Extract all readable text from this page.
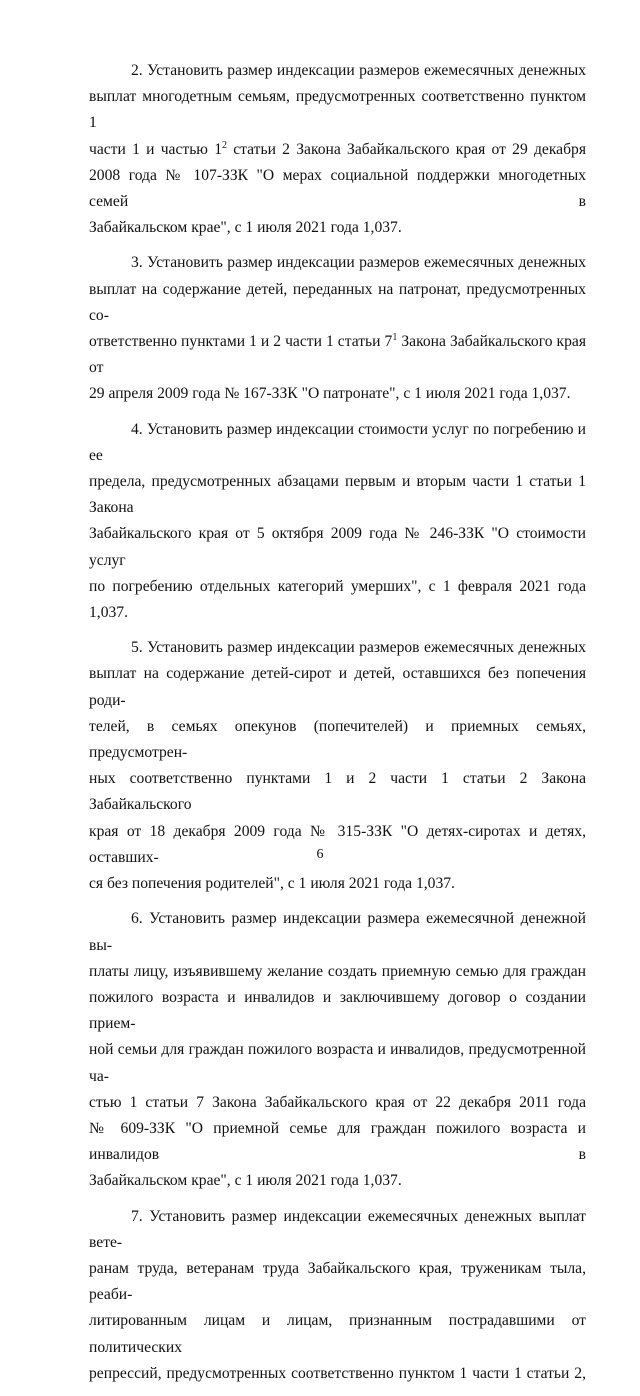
2. Установить размер индексации размеров ежемесячных денежных
выплат многодетным семьям, предусмотренных соответственно пунктом 1
части 1 и частью $1^2$ статьи 2 Закона Забайкальского края от 29 декабря
2008 года № 107-ЗЗК "О мерах социальной поддержки многодетных семей в
Забайкальском крае", с 1 июля 2021 года 1,037.

3. Установить размер индексации размеров ежемесячных денежных
выплат на содержание детей, переданных на патронат, предусмотренных со-
ответственно пунктами 1 и 2 части 1 статьи $7^1$ Закона Забайкальского края от
29 апреля 2009 года № 167-ЗЗК "О патронате", с 1 июля 2021 года 1,037.

4. Установить размер индексации стоимости услуг по погребению и ее
предела, предусмотренных абзацами первым и вторым части 1 статьи 1 Закона
Забайкальского края от 5 октября 2009 года № 246-ЗЗК "О стоимости услуг
по погребению отдельных категорий умерших", с 1 февраля 2021 года 1,037.

5. Установить размер индексации размеров ежемесячных денежных
выплат на содержание детей-сирот и детей, оставшихся без попечения роди-
телей, в семьях опекунов (попечителей) и приемных семьях, предусмотрен-
ных соответственно пунктами 1 и 2 части 1 статьи 2 Закона Забайкальского
края от 18 декабря 2009 года № 315-ЗЗК "О детях-сиротах и детях, оставших-
ся без попечения родителей", с 1 июля 2021 года 1,037.

6. Установить размер индексации размера ежемесячной денежной вы-
платы лицу, изъявившему желание создать приемную семью для граждан
пожилого возраста и инвалидов и заключившему договор о создании прием-
ной семьи для граждан пожилого возраста и инвалидов, предусмотренной ча-
стью 1 статьи 7 Закона Забайкальского края от 22 декабря 2011 года
№ 609-ЗЗК "О приемной семье для граждан пожилого возраста и инвалидов в
Забайкальском крае", с 1 июля 2021 года 1,037.

7. Установить размер индексации ежемесячных денежных выплат вете-
ранам труда, ветеранам труда Забайкальского края, труженикам тыла, реаби-
литированным лицам и лицам, признанным пострадавшими от политических
репрессий, предусмотренных соответственно пунктом 1 части 1 статьи 2,

6
